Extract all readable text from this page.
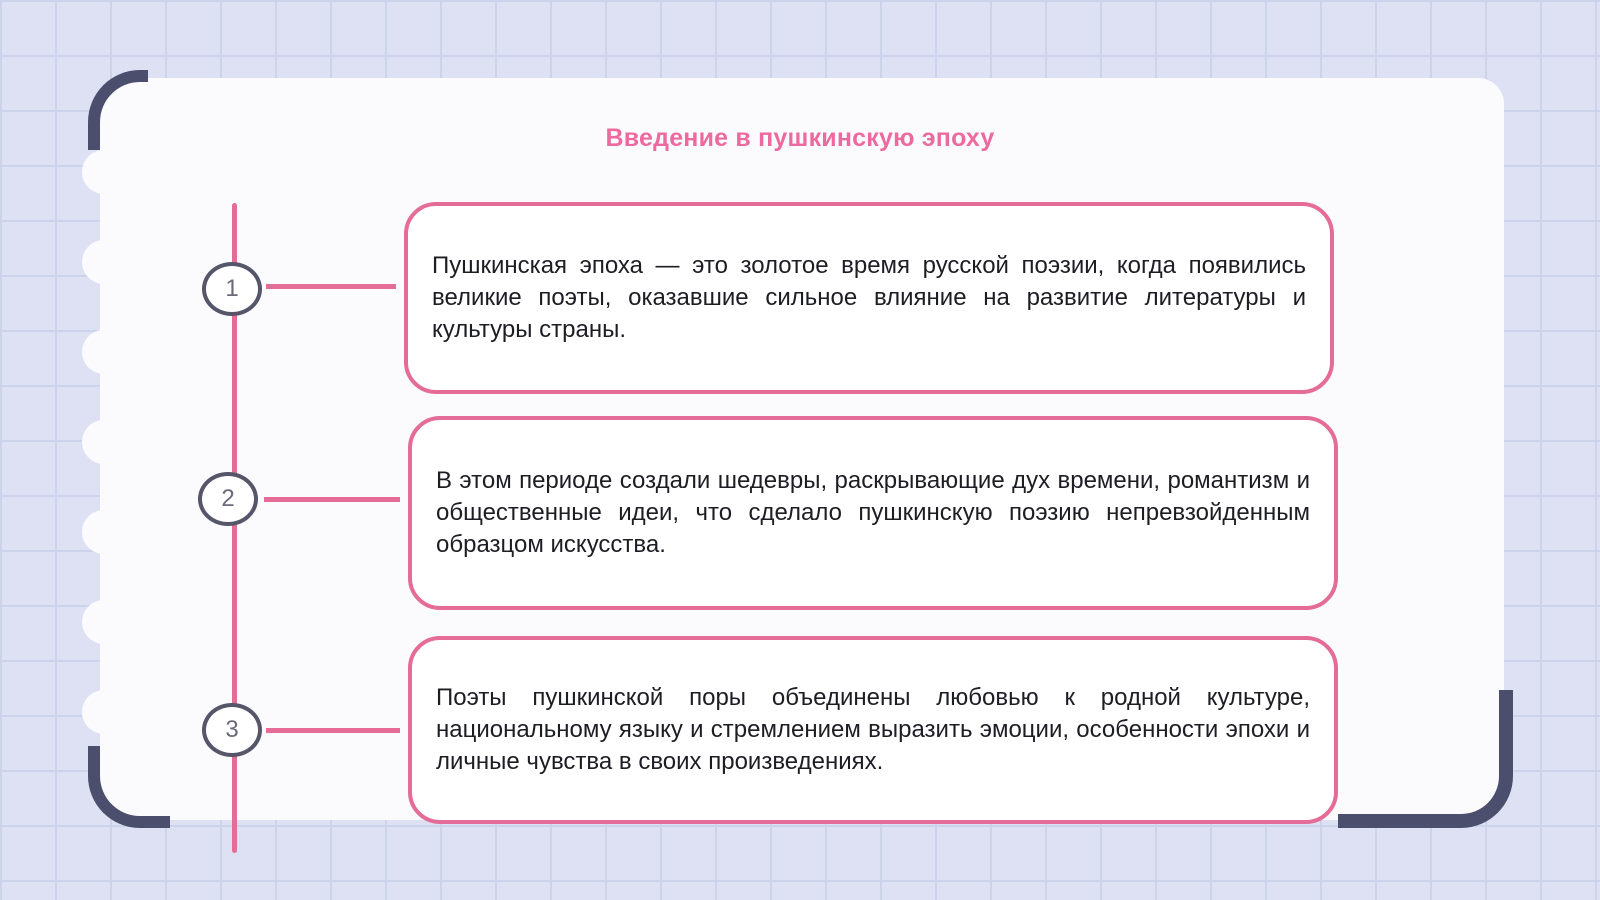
Введение в пушкинскую эпоху
1
2
3

Пушкинская эпоха — это золотое время русской поэзии, когда появились великие поэты, оказавшие сильное влияние на развитие литературы и культуры страны.

В этом периоде создали шедевры, раскрывающие дух времени, романтизм и общественные идеи, что сделало пушкинскую поэзию непревзойденным образцом искусства.

Поэты пушкинской поры объединены любовью к родной культуре, национальному языку и стремлением выразить эмоции, особенности эпохи и личные чувства в своих произведениях.
